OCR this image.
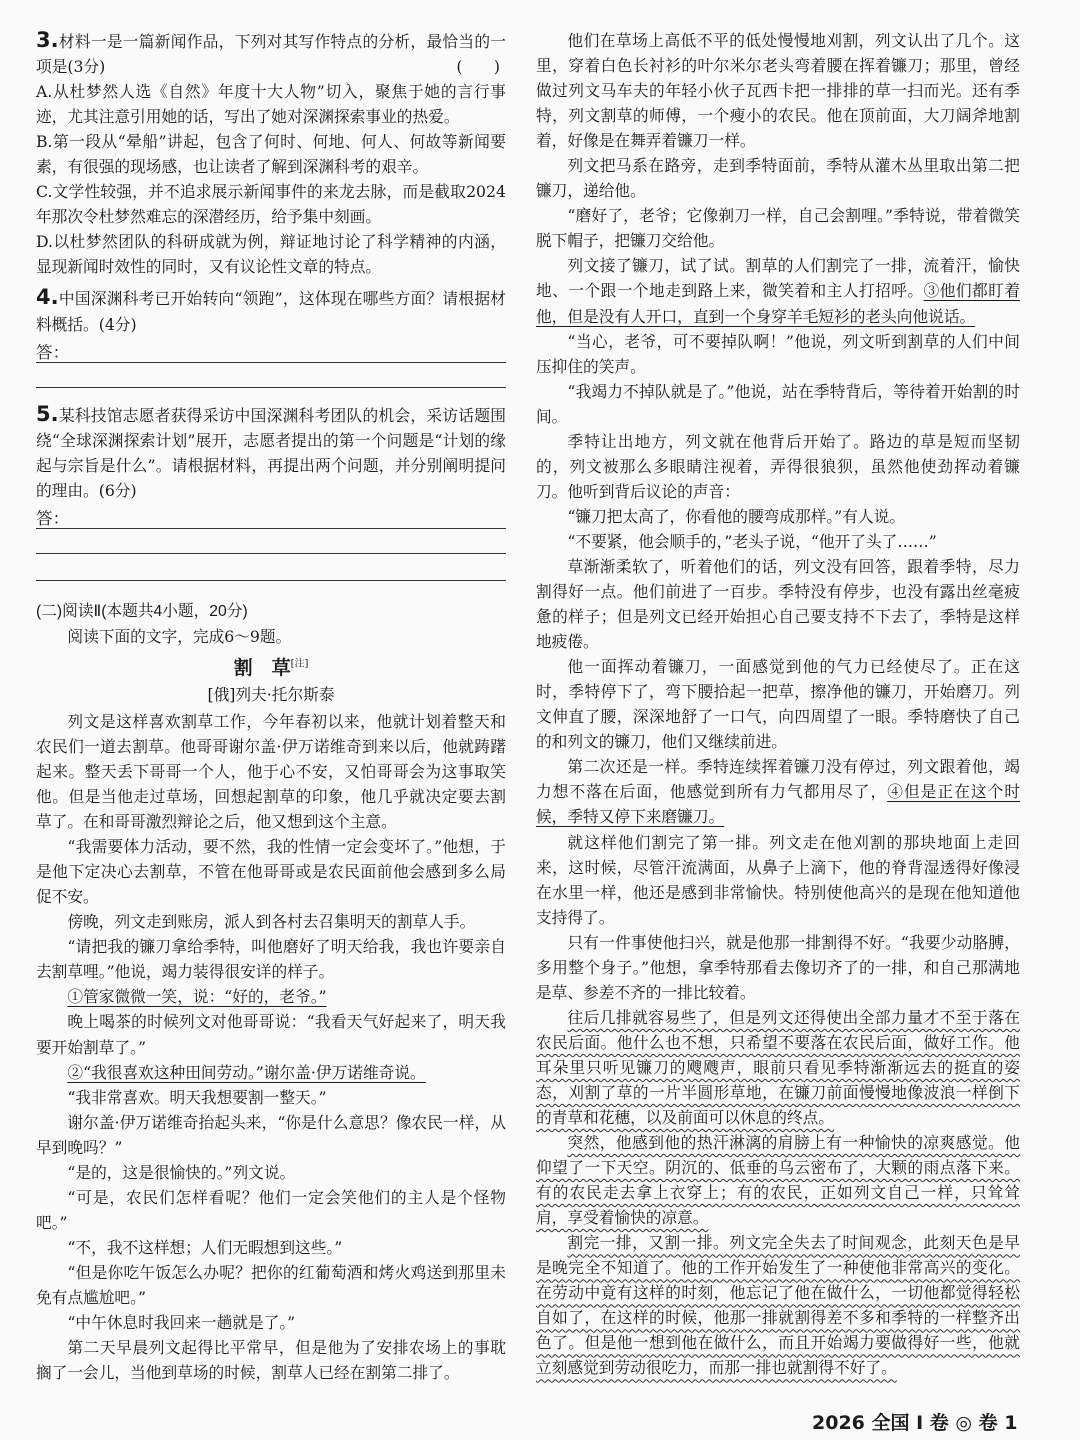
3.材料一是一篇新闻作品，下列对其写作特点的分析，最恰当的一项是(3分)	(　　)

A.从杜梦然人选《自然》年度十大人物”切入，聚焦于她的言行事迹，尤其注意引用她的话，写出了她对深渊探索事业的热爱。

B.第一段从“晕船”讲起，包含了何时、何地、何人、何故等新闻要素，有很强的现场感，也让读者了解到深渊科考的艰辛。

C.文学性较强，并不追求展示新闻事件的来龙去脉，而是截取2024年那次令杜梦然难忘的深潜经历，给予集中刻画。

D.以杜梦然团队的科研成就为例，辩证地讨论了科学精神的内涵，显现新闻时效性的同时，又有议论性文章的特点。

4.中国深渊科考已开始转向“领跑”，这体现在哪些方面？请根据材料概括。(4分)

答：

5.某科技馆志愿者获得采访中国深渊科考团队的机会，采访话题围绕“全球深渊探索计划”展开，志愿者提出的第一个问题是“计划的缘起与宗旨是什么”。请根据材料，再提出两个问题，并分别阐明提问的理由。(6分)

答：

(二)阅读Ⅱ(本题共4小题，20分)

阅读下面的文字，完成6～9题。

割　草[注]

[俄]列夫·托尔斯泰

列文是这样喜欢割草工作，今年春初以来，他就计划着整天和农民们一道去割草。他哥哥谢尔盖·伊万诺维奇到来以后，他就踌躇起来。整天丢下哥哥一个人，他于心不安，又怕哥哥会为这事取笑他。但是当他走过草场，回想起割草的印象，他几乎就决定要去割草了。在和哥哥激烈辩论之后，他又想到这个主意。

“我需要体力活动，要不然，我的性情一定会变坏了。”他想，于是他下定决心去割草，不管在他哥哥或是农民面前他会感到多么局促不安。

傍晚，列文走到账房，派人到各村去召集明天的割草人手。

“请把我的镰刀拿给季特，叫他磨好了明天给我，我也许要亲自去割草哩。”他说，竭力装得很安详的样子。

①管家微微一笑，说：“好的，老爷。”

晚上喝茶的时候列文对他哥哥说：“我看天气好起来了，明天我要开始割草了。”

②“我很喜欢这种田间劳动。”谢尔盖·伊万诺维奇说。

“我非常喜欢。明天我想要割一整天。”

谢尔盖·伊万诺维奇抬起头来，“你是什么意思？像农民一样，从早到晚吗？”

“是的，这是很愉快的。”列文说。

“可是，农民们怎样看呢？他们一定会笑他们的主人是个怪物吧。”

“不，我不这样想；人们无暇想到这些。”

“但是你吃午饭怎么办呢？把你的红葡萄酒和烤火鸡送到那里未免有点尴尬吧。”

“中午休息时我回来一趟就是了。”

第二天早晨列文起得比平常早，但是他为了安排农场上的事耽搁了一会儿，当他到草场的时候，割草人已经在割第二排了。

他们在草场上高低不平的低处慢慢地刈割，列文认出了几个。这里，穿着白色长衬衫的叶尔米尔老头弯着腰在挥着镰刀；那里，曾经做过列文马车夫的年轻小伙子瓦西卡把一排排的草一扫而光。还有季特，列文割草的师傅，一个瘦小的农民。他在顶前面，大刀阔斧地割着，好像是在舞弄着镰刀一样。

列文把马系在路旁，走到季特面前，季特从灌木丛里取出第二把镰刀，递给他。

“磨好了，老爷；它像剃刀一样，自己会割哩。”季特说，带着微笑脱下帽子，把镰刀交给他。

列文接了镰刀，试了试。割草的人们割完了一排，流着汗，愉快地、一个跟一个地走到路上来，微笑着和主人打招呼。③他们都盯着他，但是没有人开口，直到一个身穿羊毛短衫的老头向他说话。

“当心，老爷，可不要掉队啊！”他说，列文听到割草的人们中间压抑住的笑声。

“我竭力不掉队就是了。”他说，站在季特背后，等待着开始割的时间。

季特让出地方，列文就在他背后开始了。路边的草是短而坚韧的，列文被那么多眼睛注视着，弄得很狼狈，虽然他使劲挥动着镰刀。他听到背后议论的声音：

“镰刀把太高了，你看他的腰弯成那样。”有人说。

“不要紧，他会顺手的，”老头子说，“他开了头了……”

草渐渐柔软了，听着他们的话，列文没有回答，跟着季特，尽力割得好一点。他们前进了一百步。季特没有停步，也没有露出丝毫疲惫的样子；但是列文已经开始担心自己要支持不下去了，季特是这样地疲倦。

他一面挥动着镰刀，一面感觉到他的气力已经使尽了。正在这时，季特停下了，弯下腰拾起一把草，擦净他的镰刀，开始磨刀。列文伸直了腰，深深地舒了一口气，向四周望了一眼。季特磨快了自己的和列文的镰刀，他们又继续前进。

第二次还是一样。季特连续挥着镰刀没有停过，列文跟着他，竭力想不落在后面，他感觉到所有力气都用尽了，④但是正在这个时候，季特又停下来磨镰刀。

就这样他们割完了第一排。列文走在他刈割的那块地面上走回来，这时候，尽管汗流满面，从鼻子上滴下，他的脊背湿透得好像浸在水里一样，他还是感到非常愉快。特别使他高兴的是现在他知道他支持得了。

只有一件事使他扫兴，就是他那一排割得不好。“我要少动胳膊，多用整个身子。”他想，拿季特那看去像切齐了的一排，和自己那满地是草、参差不齐的一排比较着。

往后几排就容易些了，但是列文还得使出全部力量才不至于落在农民后面。他什么也不想，只希望不要落在农民后面，做好工作。他耳朵里只听见镰刀的飕飕声，眼前只看见季特渐渐远去的挺直的姿态，刈割了草的一片半圆形草地，在镰刀前面慢慢地像波浪一样倒下的青草和花穗，以及前面可以休息的终点。

突然，他感到他的热汗淋漓的肩膀上有一种愉快的凉爽感觉。他仰望了一下天空。阴沉的、低垂的乌云密布了，大颗的雨点落下来。有的农民走去拿上衣穿上；有的农民，正如列文自己一样，只耸耸肩，享受着愉快的凉意。

割完一排，又割一排。列文完全失去了时间观念，此刻天色是早是晚完全不知道了。他的工作开始发生了一种使他非常高兴的变化。在劳动中竟有这样的时刻，他忘记了他在做什么，一切他都觉得轻松自如了，在这样的时候，他那一排就割得差不多和季特的一样整齐出色了。但是他一想到他在做什么，而且开始竭力要做得好一些，他就立刻感觉到劳动很吃力，而那一排也就割得不好了。

2026 全国 Ⅰ 卷 ◎ 卷 1
